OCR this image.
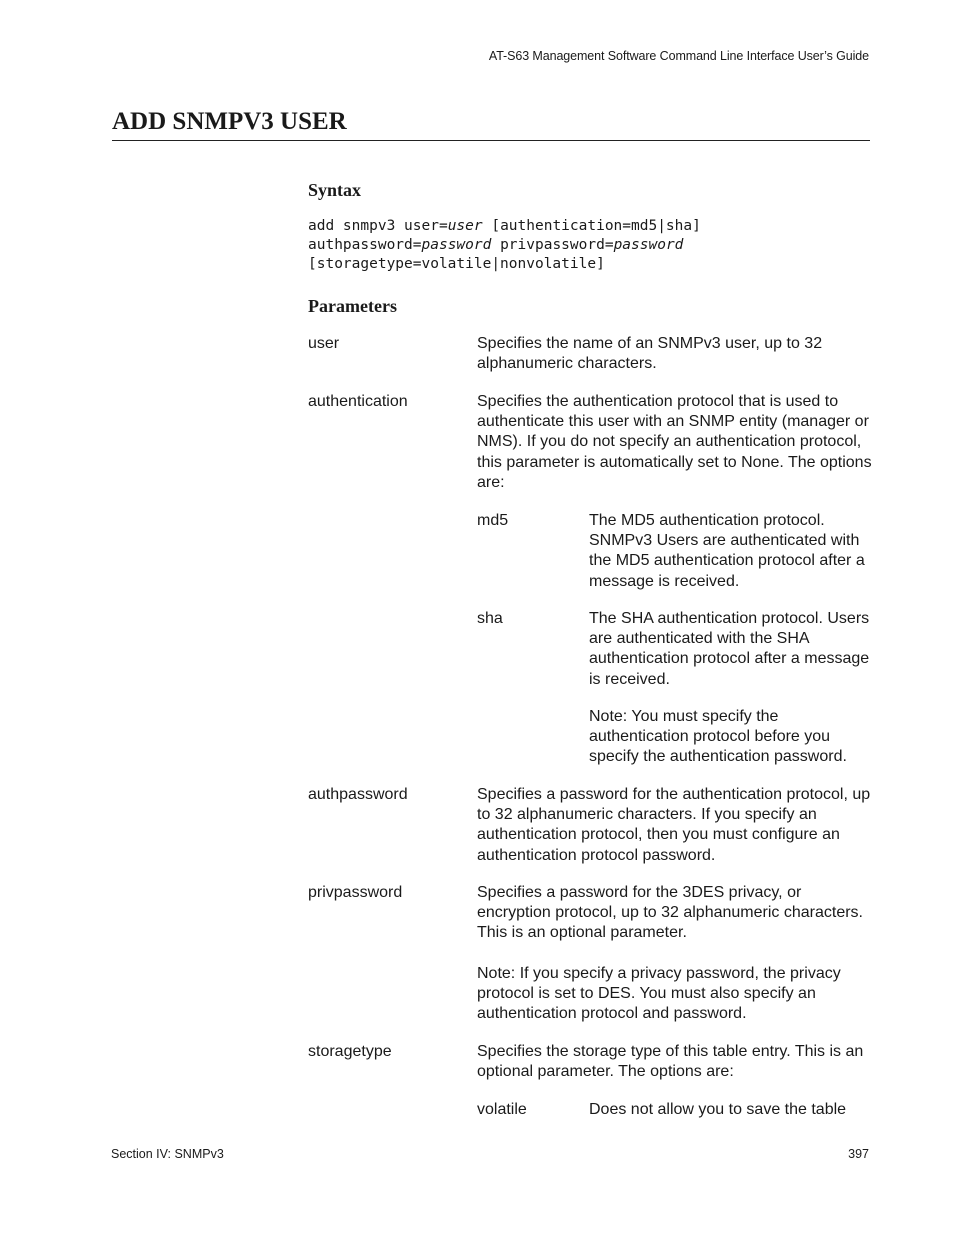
AT-S63 Management Software Command Line Interface User’s Guide
ADD SNMPV3 USER
Syntax
add snmpv3 user=user [authentication=md5|sha]
authpassword=password privpassword=password
[storagetype=volatile|nonvolatile]
Parameters
user	Specifies the name of an SNMPv3 user, up to 32 alphanumeric characters.
authentication	Specifies the authentication protocol that is used to authenticate this user with an SNMP entity (manager or NMS). If you do not specify an authentication protocol, this parameter is automatically set to None. The options are:
md5	The MD5 authentication protocol. SNMPv3 Users are authenticated with the MD5 authentication protocol after a message is received.
sha	The SHA authentication protocol. Users are authenticated with the SHA authentication protocol after a message is received.
Note: You must specify the authentication protocol before you specify the authentication password.
authpassword	Specifies a password for the authentication protocol, up to 32 alphanumeric characters. If you specify an authentication protocol, then you must configure an authentication protocol password.
privpassword	Specifies a password for the 3DES privacy, or encryption protocol, up to 32 alphanumeric characters. This is an optional parameter.
Note: If you specify a privacy password, the privacy protocol is set to DES. You must also specify an authentication protocol and password.
storagetype	Specifies the storage type of this table entry. This is an optional parameter. The options are:
volatile	Does not allow you to save the table
Section IV: SNMPv3	397
